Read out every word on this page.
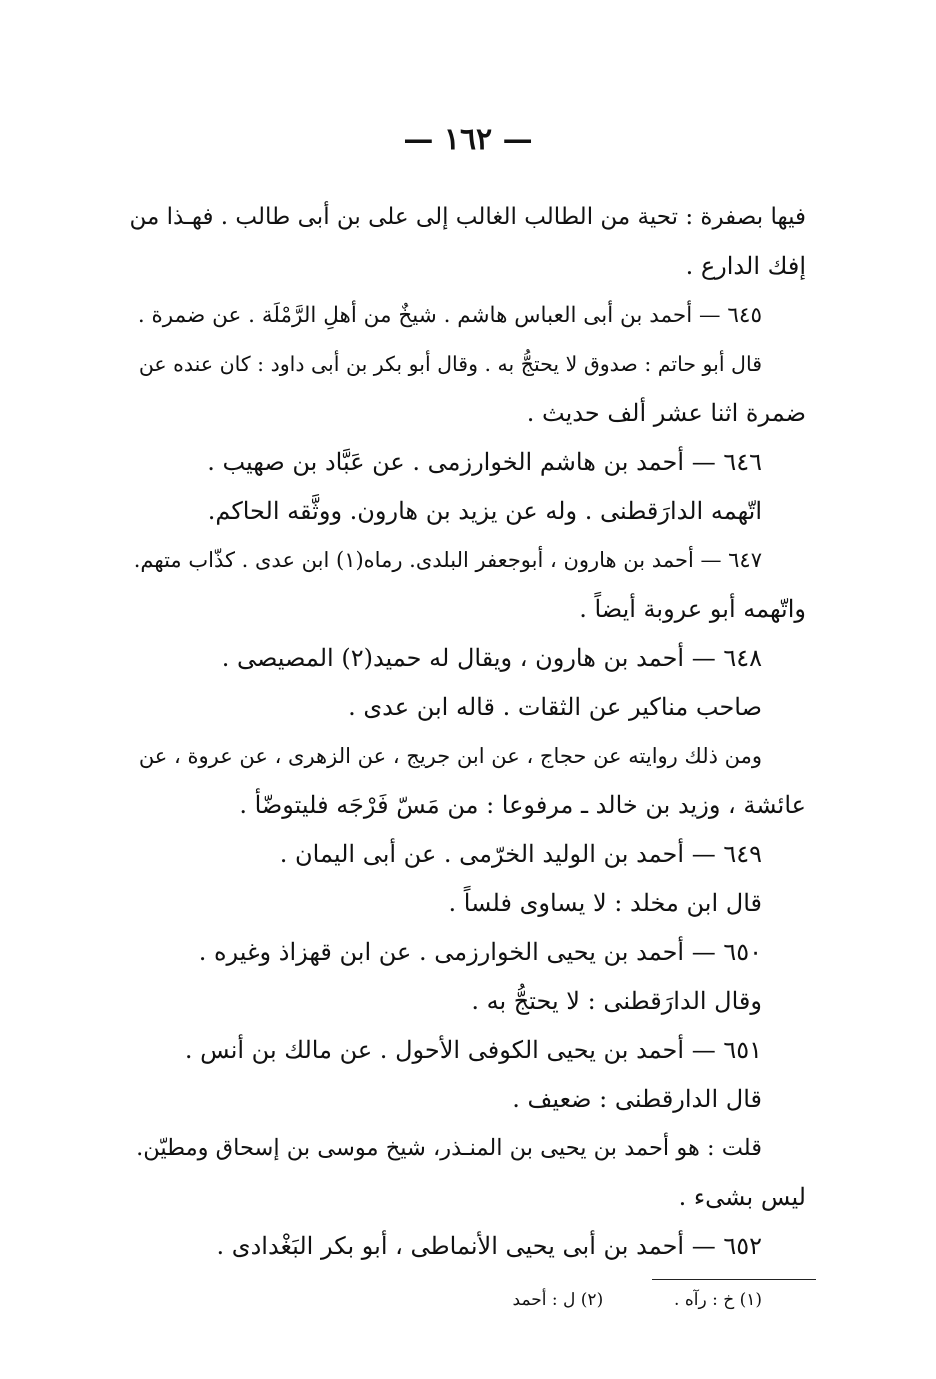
— ١٦٢ —
فيها بصفرة : تحية من الطالب الغالب إلى على بن أبى طالب . فهـذا من
إفك الدارع .
٦٤٥ — أحمد بن أبى العباس هاشم . شيخٌ من أهلِ الرَّمْلَة . عن ضمرة .
قال أبو حاتم : صدوق لا يحتجُّ به . وقال أبو بكر بن أبى داود : كان عنده عن
ضمرة اثنا عشر ألف حديث .
٦٤٦ — أحمد بن هاشم الخوارزمى . عن عَبَّاد بن صهيب .
اتّهمه الدارَقطنى . وله عن يزيد بن هارون. ووثَّقه الحاكم.
٦٤٧ — أحمد بن هارون ، أبوجعفر البلدى. رماه(١) ابن عدى . كذّاب متهم.
واتّهمه أبو عروبة أيضاً .
٦٤٨ — أحمد بن هارون ، ويقال له حميد(٢) المصيصى .
صاحب مناكير عن الثقات . قاله ابن عدى .
ومن ذلك روايته عن حجاج ، عن ابن جريج ، عن الزهرى ، عن عروة ، عن
عائشة ، وزيد بن خالد ـ مرفوعا : من مَسّ فَرْجَه فليتوضّأ .
٦٤٩ — أحمد بن الوليد الخرّمى . عن أبى اليمان .
قال ابن مخلد : لا يساوى فلساً .
٦٥٠ — أحمد بن يحيى الخوارزمى . عن ابن قهزاذ وغيره .
وقال الدارَقطنى : لا يحتجُّ به .
٦٥١ — أحمد بن يحيى الكوفى الأحول . عن مالك بن أنس .
قال الدارقطنى : ضعيف .
قلت : هو أحمد بن يحيى بن المنـذر، شيخ موسى بن إسحاق ومطيّن.
ليس بشىء .
٦٥٢ — أحمد بن أبى يحيى الأنماطى ، أبو بكر البَغْدادى .
(١) خ : رآه .  (٢) ل : أحمد
